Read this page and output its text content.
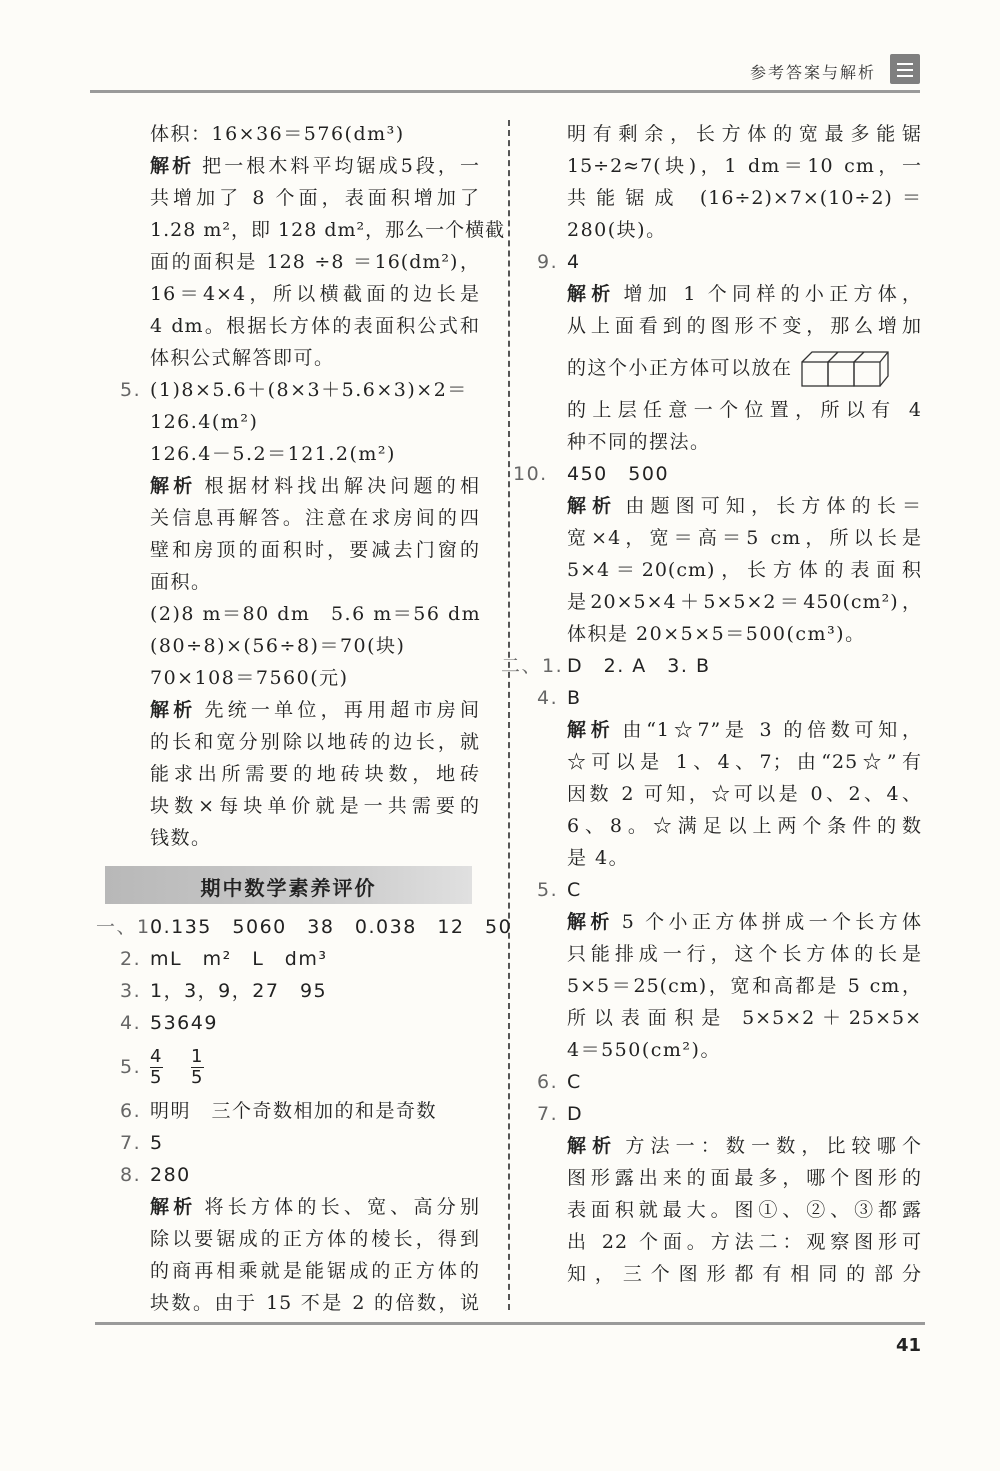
参考答案与解析
体积：16×36＝576(dm³)
解析 把一根木料平均锯成5段，一
共增加了 8 个面，表面积增加了
1.28 m²，即 128 dm²，那么一个横截
面的面积是 128 ÷8 ＝16(dm²)，
16＝4×4，所以横截面的边长是
4 dm。根据长方体的表面积公式和
体积公式解答即可。
5. (1)8×5.6＋(8×3＋5.6×3)×2＝
126.4(m²)
126.4－5.2＝121.2(m²)
解析 根据材料找出解决问题的相
关信息再解答。注意在求房间的四
壁和房顶的面积时，要减去门窗的
面积。
(2)8 m＝80 dm　5.6 m＝56 dm
(80÷8)×(56÷8)＝70(块)
70×108＝7560(元)
解析 先统一单位，再用超市房间
的长和宽分别除以地砖的边长，就
能求出所需要的地砖块数，地砖
块数×每块单价就是一共需要的
钱数。
期中数学素养评价
一、1.0.135　5060　38　0.038　12　50
2. mL　m²　L　dm³
3. 1，3，9，27　95
4. 53649
5. $\frac{4}{5} \frac{1}{5}$
6. 明明　三个奇数相加的和是奇数
7. 5
8. 280
解析 将长方体的长、宽、高分别
除以要锯成的正方体的棱长，得到
的商再相乘就是能锯成的正方体的
块数。由于 15 不是 2 的倍数，说
明有剩余，长方体的宽最多能锯
15÷2≈7(块)，1 dm＝10 cm，一
共能锯成 (16÷2)×7×(10÷2)＝
280(块)。
9. 4
解析 增加 1 个同样的小正方体，
从上面看到的图形不变，那么增加
的这个小正方体可以放在
的上层任意一个位置，所以有 4
种不同的摆法。
10. 450　500
解析 由题图可知，长方体的长＝
宽×4，宽＝高＝5 cm，所以长是
5×4＝20(cm)，长方体的表面积
是20×5×4＋5×5×2＝450(cm²)，
体积是 20×5×5＝500(cm³)。
二、1. D　2. A　3. B
4. B
解析 由“1☆7”是 3 的倍数可知，
☆可以是 1、4、7；由“25☆”有
因数 2 可知，☆可以是 0、2、4、
6、8。☆满足以上两个条件的数
是 4。
5. C
解析 5 个小正方体拼成一个长方体
只能排成一行，这个长方体的长是
5×5＝25(cm)，宽和高都是 5 cm，
所以表面积是 5×5×2＋25×5×
4＝550(cm²)。
6. C
7. D
解析 方法一：数一数，比较哪个
图形露出来的面最多，哪个图形的
表面积就最大。图①、②、③都露
出 22 个面。方法二：观察图形可
知，三个图形都有相同的部分
41
